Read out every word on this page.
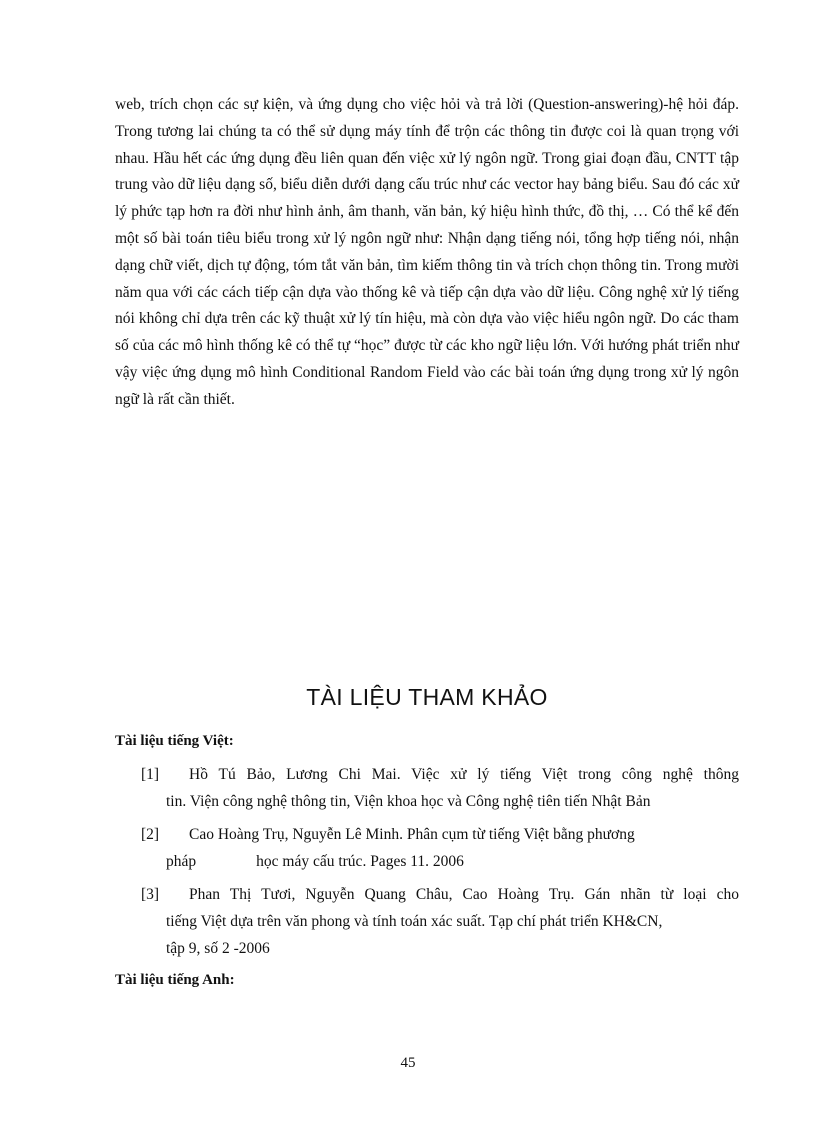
web, trích chọn các sự kiện, và ứng dụng cho việc hỏi và trả lời (Question-answering)-hệ hỏi đáp. Trong tương lai chúng ta có thể sử dụng máy tính để trộn các thông tin được coi là quan trọng với nhau. Hầu hết các ứng dụng đều liên quan đến việc xử lý ngôn ngữ. Trong giai đoạn đầu, CNTT tập trung vào dữ liệu dạng số, biểu diễn dưới dạng cấu trúc như các vector hay bảng biểu. Sau đó các xử lý phức tạp hơn ra đời như hình ảnh, âm thanh, văn bản, ký hiệu hình thức, đồ thị, … Có thể kể đến một số bài toán tiêu biểu trong xử lý ngôn ngữ như: Nhận dạng tiếng nói, tổng hợp tiếng nói, nhận dạng chữ viết, dịch tự động, tóm tắt văn bản, tìm kiếm thông tin và trích chọn thông tin. Trong mười năm qua với các cách tiếp cận dựa vào thống kê và tiếp cận dựa vào dữ liệu. Công nghệ xử lý tiếng nói không chỉ dựa trên các kỹ thuật xử lý tín hiệu, mà còn dựa vào việc hiểu ngôn ngữ. Do các tham số của các mô hình thống kê có thể tự “học” được từ các kho ngữ liệu lớn. Với hướng phát triển như vậy việc ứng dụng mô hình Conditional Random Field vào các bài toán ứng dụng trong xử lý ngôn ngữ là rất cần thiết.

TÀI LIỆU THAM KHẢO

Tài liệu tiếng Việt:

[1] Hồ Tú Bảo, Lương Chi Mai. Việc xử lý tiếng Việt trong công nghệ thông
tin. Viện công nghệ thông tin, Viện khoa học và Công nghệ tiên tiến Nhật Bản
[2] Cao Hoàng Trụ, Nguyễn Lê Minh. Phân cụm từ tiếng Việt bằng phương
pháp	học máy cấu trúc. Pages 11. 2006
[3] Phan Thị Tươi, Nguyễn Quang Châu, Cao Hoàng Trụ. Gán nhãn từ loại cho
tiếng Việt dựa trên văn phong và tính toán xác suất. Tạp chí phát triển KH&CN,
tập 9, số 2 -2006

Tài liệu tiếng Anh:

45
